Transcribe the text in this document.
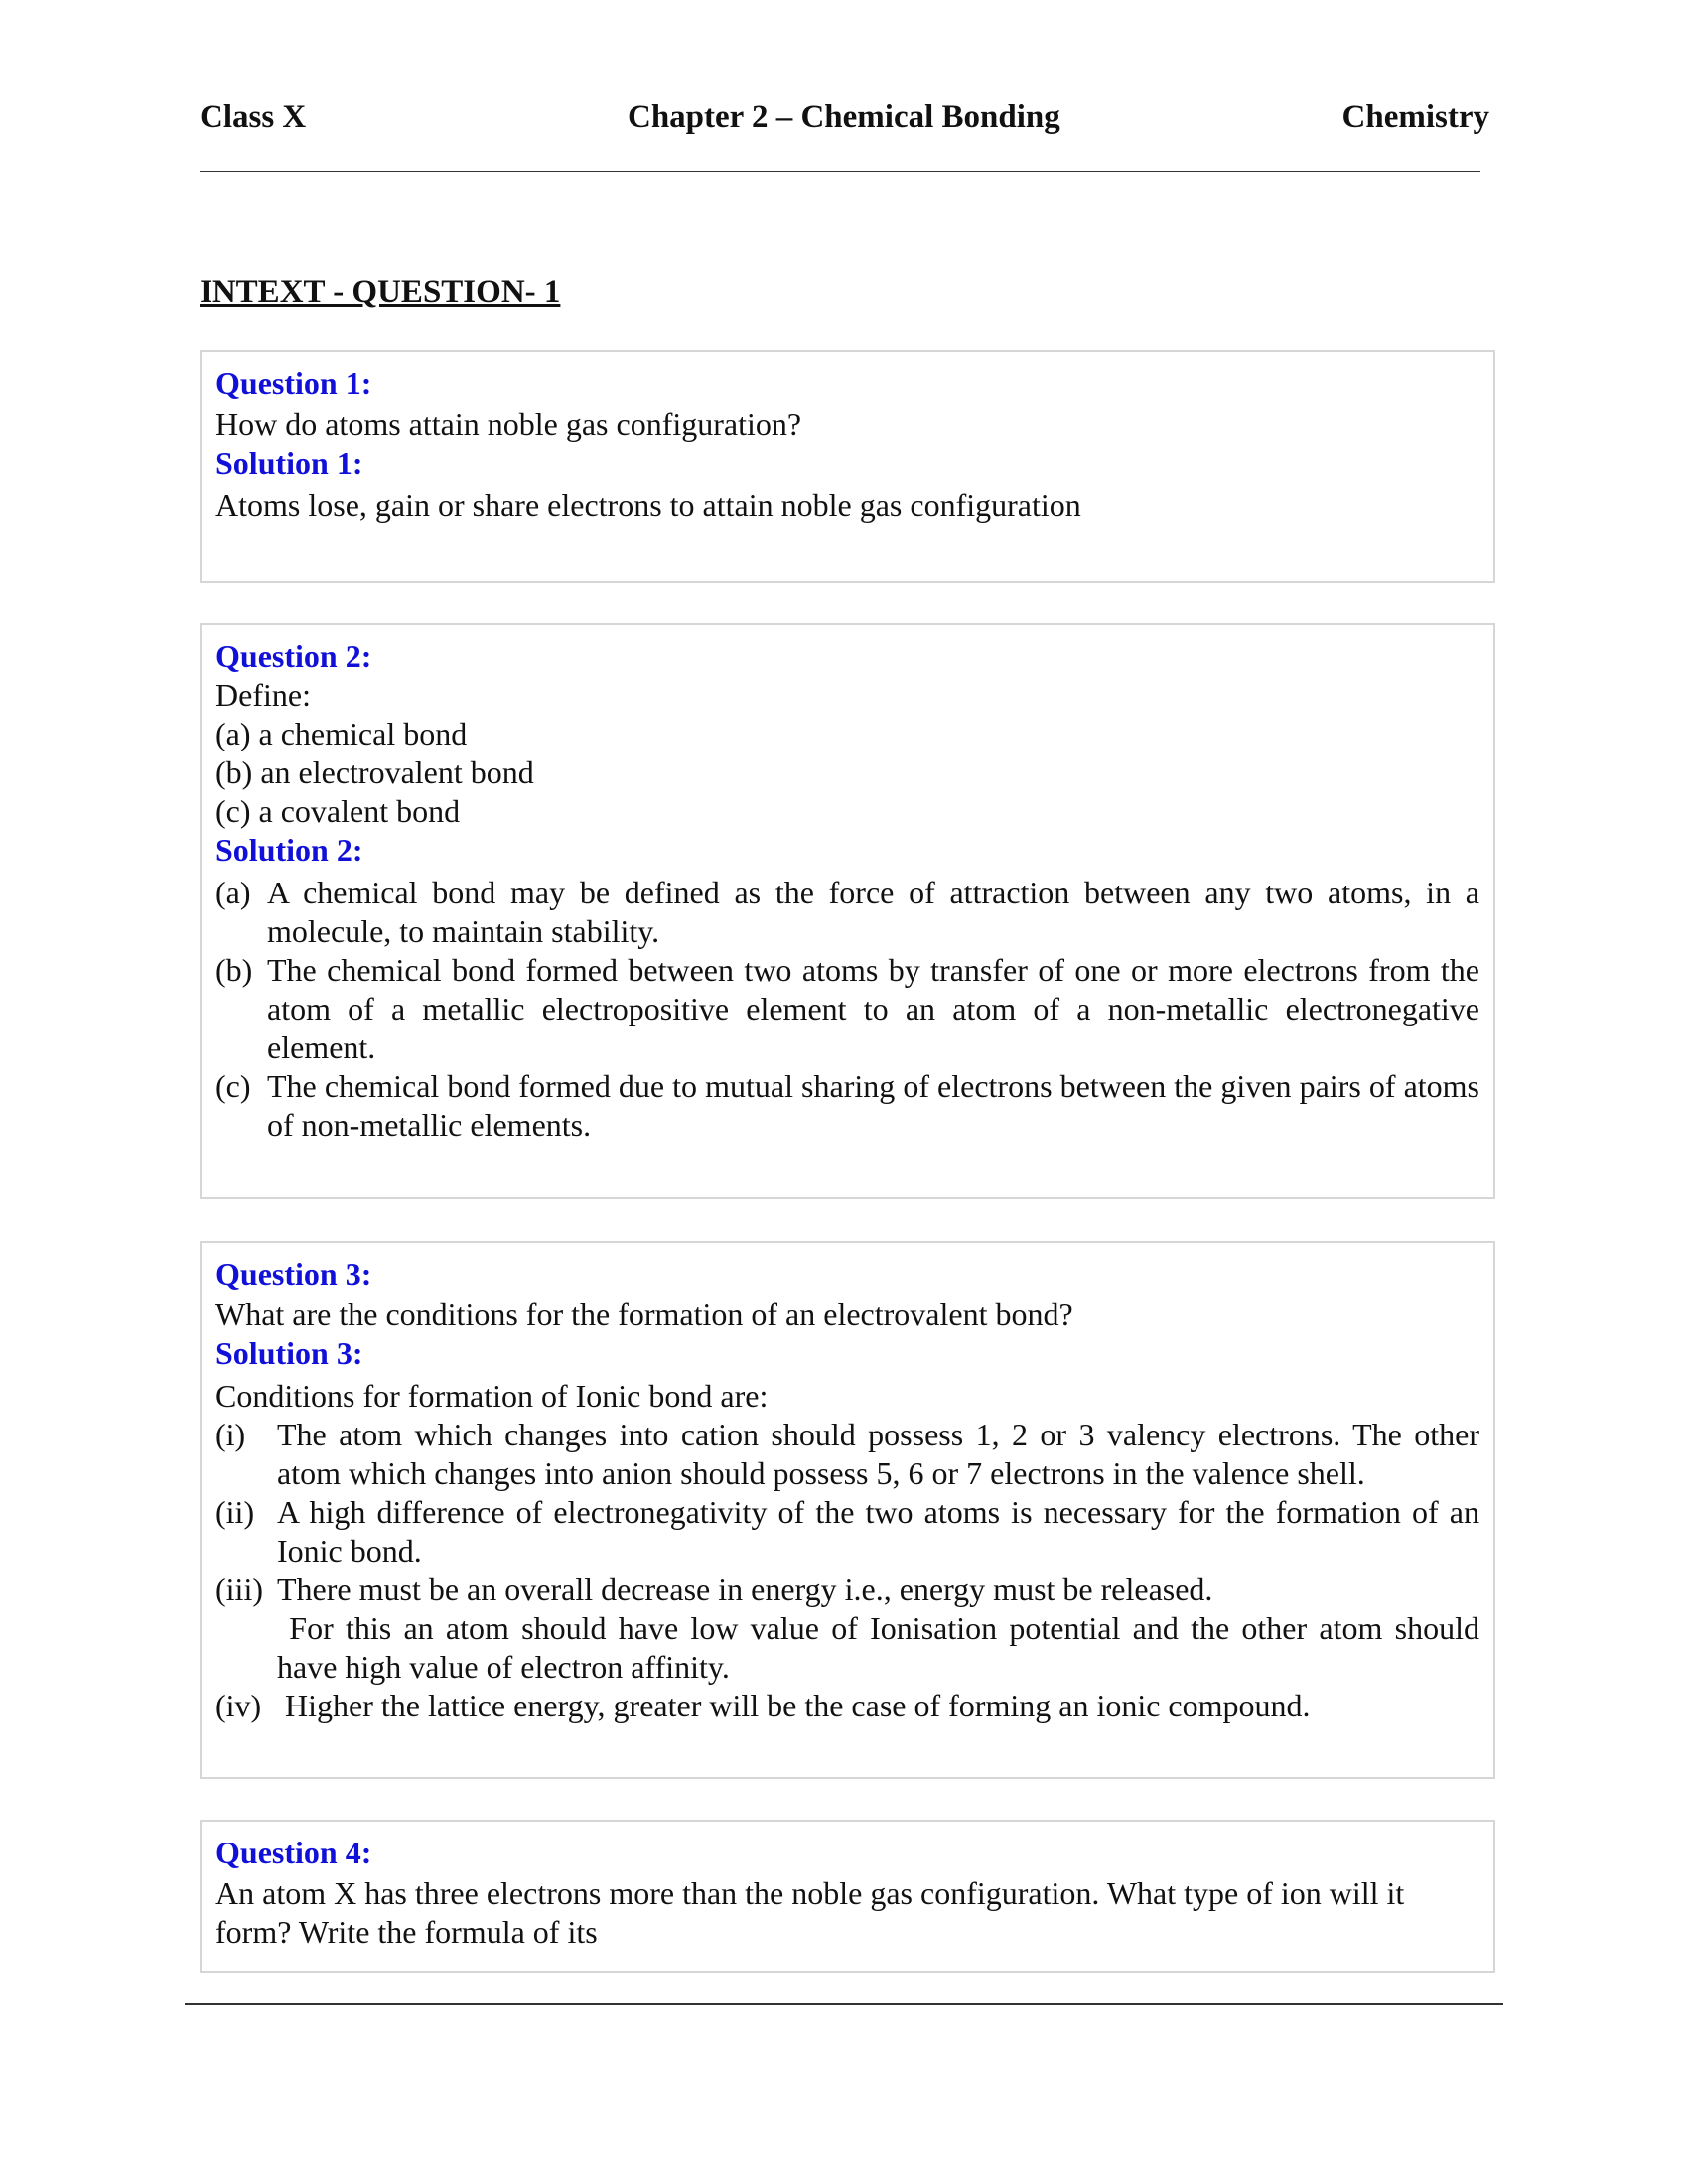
Class X	Chapter 2 – Chemical Bonding	Chemistry
INTEXT - QUESTION- 1
Question 1:
How do atoms attain noble gas configuration?
Solution 1:
Atoms lose, gain or share electrons to attain noble gas configuration
Question 2:
Define:
(a) a chemical bond
(b) an electrovalent bond
(c) a covalent bond
Solution 2:
(a) A chemical bond may be defined as the force of attraction between any two atoms, in a molecule, to maintain stability.
(b) The chemical bond formed between two atoms by transfer of one or more electrons from the atom of a metallic electropositive element to an atom of a non-metallic electronegative element.
(c) The chemical bond formed due to mutual sharing of electrons between the given pairs of atoms of non-metallic elements.
Question 3:
What are the conditions for the formation of an electrovalent bond?
Solution 3:
Conditions for formation of Ionic bond are:
(i) The atom which changes into cation should possess 1, 2 or 3 valency electrons. The other atom which changes into anion should possess 5, 6 or 7 electrons in the valence shell.
(ii) A high difference of electronegativity of the two atoms is necessary for the formation of an Ionic bond.
(iii) There must be an overall decrease in energy i.e., energy must be released.
For this an atom should have low value of Ionisation potential and the other atom should have high value of electron affinity.
(iv) Higher the lattice energy, greater will be the case of forming an ionic compound.
Question 4:
An atom X has three electrons more than the noble gas configuration. What type of ion will it form? Write the formula of its
